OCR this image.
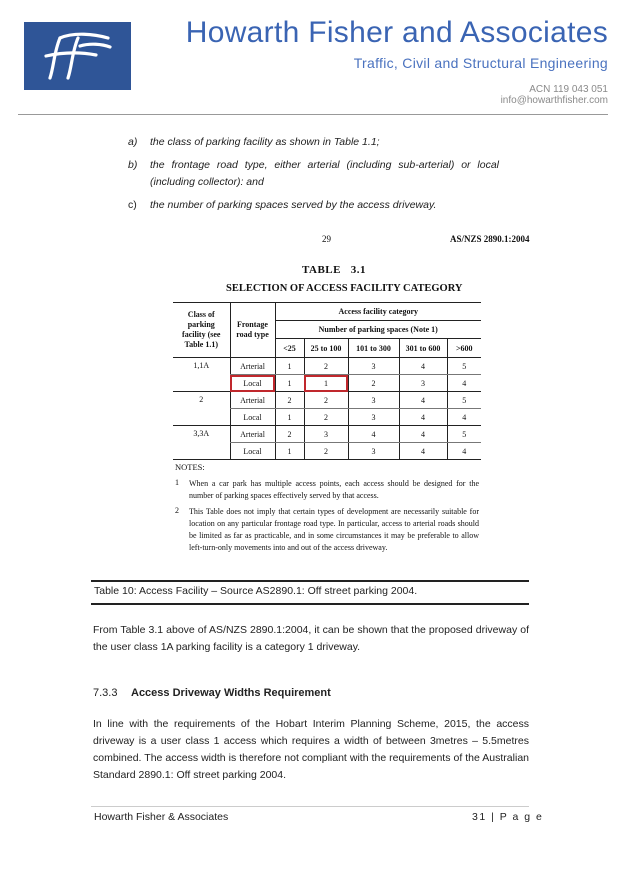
Howarth Fisher and Associates
Traffic, Civil and Structural Engineering
ACN 119 043 051
info@howarthfisher.com
a) the class of parking facility as shown in Table 1.1;
b) the frontage road type, either arterial (including sub-arterial) or local
(including collector): and
c) the number of parking spaces served by the access driveway.
29	AS/NZS 2890.1:2004
TABLE   3.1
SELECTION OF ACCESS FACILITY CATEGORY
Class of parking facility (see Table 1.1)	Frontage road type	Access facility category				
		Number of parking spaces (Note 1)				
		<25	25 to 100	101 to 300	301 to 600	>600
1,1A	Arterial	1	2	3	4	5
	Local	1	1	2	3	4
2	Arterial	2	2	3	4	5
	Local	1	2	3	4	4
3,3A	Arterial	2	3	4	4	5
	Local	1	2	3	4	4
NOTES:
1 When a car park has multiple access points, each access should be designed for the number of parking spaces effectively served by that access.
2 This Table does not imply that certain types of development are necessarily suitable for location on any particular frontage road type. In particular, access to arterial roads should be limited as far as practicable, and in some circumstances it may be preferable to allow left-turn-only movements into and out of the access driveway.
Table 10: Access Facility – Source AS2890.1: Off street parking 2004.
From Table 3.1 above of AS/NZS 2890.1:2004, it can be shown that the proposed driveway of the user class 1A parking facility is a category 1 driveway.
7.3.3 Access Driveway Widths Requirement
In line with the requirements of the Hobart Interim Planning Scheme, 2015, the access driveway is a user class 1 access which requires a width of between 3metres – 5.5metres combined. The access width is therefore not compliant with the requirements of the Australian Standard 2890.1: Off street parking 2004.
Howarth Fisher & Associates	31 | P a g e
